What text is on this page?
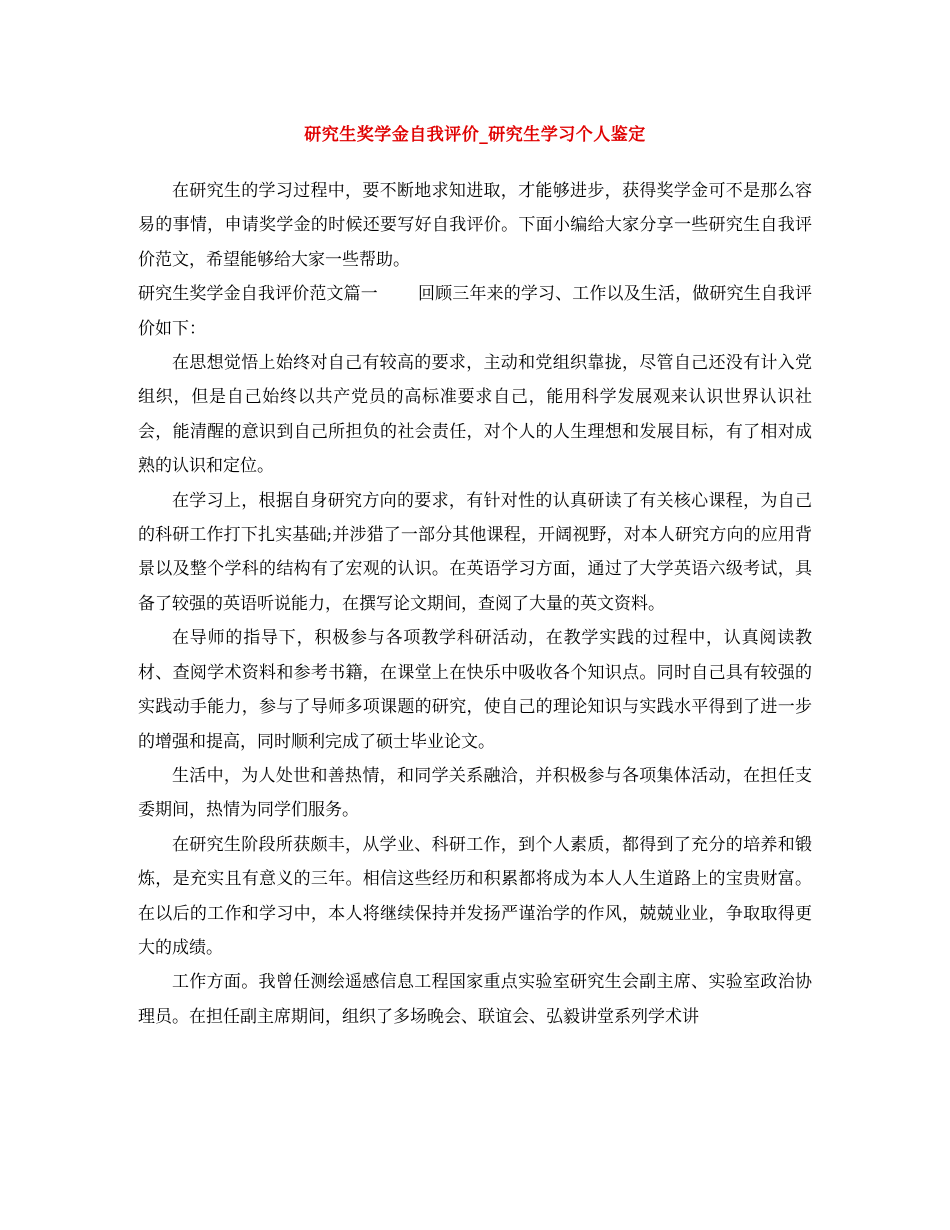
研究生奖学金自我评价_研究生学习个人鉴定

在研究生的学习过程中，要不断地求知进取，才能够进步，获得奖学金可不是那么容易的事情，申请奖学金的时候还要写好自我评价。下面小编给大家分享一些研究生自我评价范文，希望能够给大家一些帮助。

研究生奖学金自我评价范文篇一 回顾三年来的学习、工作以及生活，做研究生自我评价如下：

在思想觉悟上始终对自己有较高的要求，主动和党组织靠拢，尽管自己还没有计入党组织，但是自己始终以共产党员的高标准要求自己，能用科学发展观来认识世界认识社会，能清醒的意识到自己所担负的社会责任，对个人的人生理想和发展目标，有了相对成熟的认识和定位。

在学习上，根据自身研究方向的要求，有针对性的认真研读了有关核心课程，为自己的科研工作打下扎实基础;并涉猎了一部分其他课程，开阔视野，对本人研究方向的应用背景以及整个学科的结构有了宏观的认识。在英语学习方面，通过了大学英语六级考试，具备了较强的英语听说能力，在撰写论文期间，查阅了大量的英文资料。

在导师的指导下，积极参与各项教学科研活动，在教学实践的过程中，认真阅读教材、查阅学术资料和参考书籍，在课堂上在快乐中吸收各个知识点。同时自己具有较强的实践动手能力，参与了导师多项课题的研究，使自己的理论知识与实践水平得到了进一步的增强和提高，同时顺利完成了硕士毕业论文。

生活中，为人处世和善热情，和同学关系融洽，并积极参与各项集体活动，在担任支委期间，热情为同学们服务。

在研究生阶段所获颇丰，从学业、科研工作，到个人素质，都得到了充分的培养和锻炼，是充实且有意义的三年。相信这些经历和积累都将成为本人人生道路上的宝贵财富。在以后的工作和学习中，本人将继续保持并发扬严谨治学的作风，兢兢业业，争取取得更大的成绩。

工作方面。我曾任测绘遥感信息工程国家重点实验室研究生会副主席、实验室政治协理员。在担任副主席期间，组织了多场晚会、联谊会、弘毅讲堂系列学术讲
